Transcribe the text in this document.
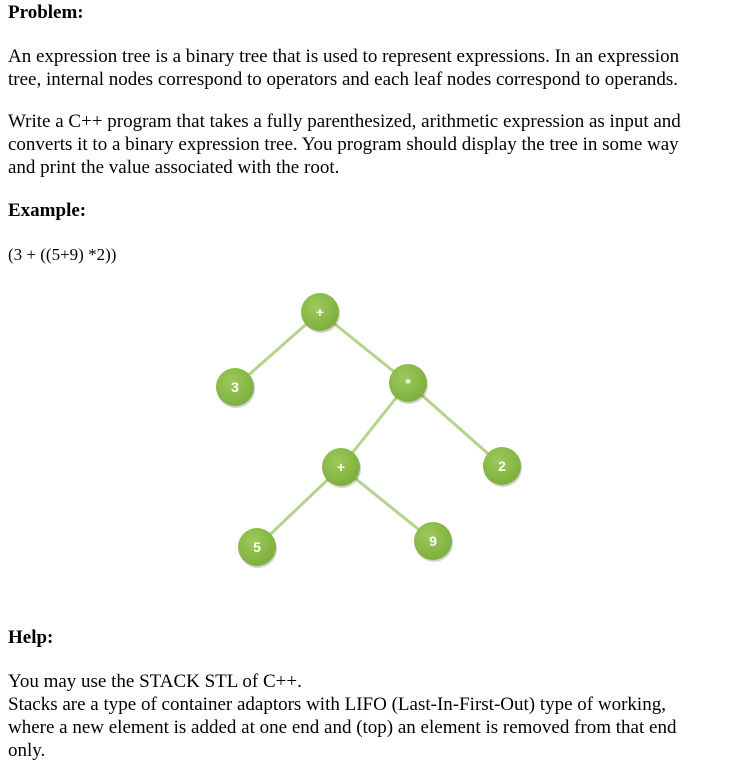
Problem:

An expression tree is a binary tree that is used to represent expressions. In an expression
tree, internal nodes correspond to operators and each leaf nodes correspond to operands.

Write a C++ program that takes a fully parenthesized, arithmetic expression as input and
converts it to a binary expression tree. You program should display the tree in some way
and print the value associated with the root.

Example:

(3 + ((5+9) *2))

+
3	*
+	2
5	9
Help:

You may use the STACK STL of C++.
Stacks are a type of container adaptors with LIFO (Last-In-First-Out) type of working,
where a new element is added at one end and (top) an element is removed from that end
only.
